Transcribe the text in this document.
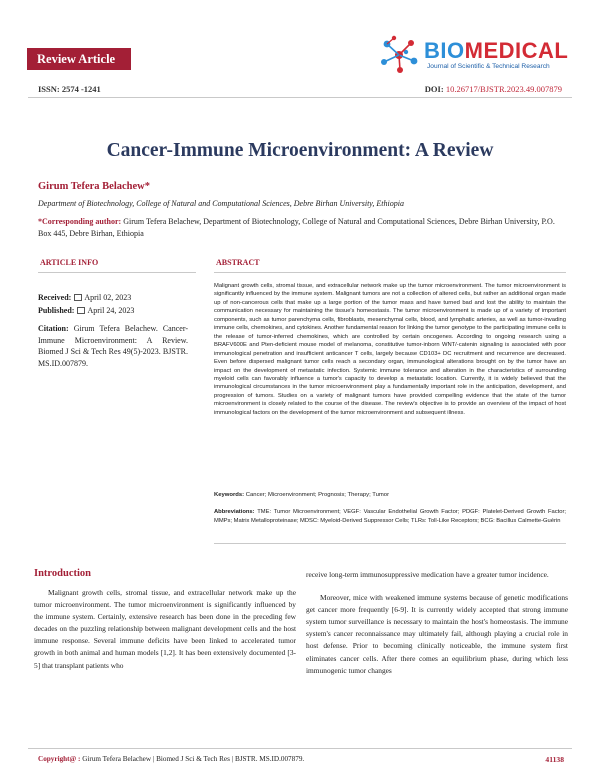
Review Article	BIOMEDICAL
Journal of Scientific & Technical Research
ISSN: 2574 -1241	DOI: 10.26717/BJSTR.2023.49.007879
Cancer-Immune Microenvironment: A Review
Girum Tefera Belachew*
Department of Biotechnology, College of Natural and Computational Sciences, Debre Birhan University, Ethiopia
*Corresponding author: Girum Tefera Belachew, Department of Biotechnology, College of Natural and Computational Sciences, Debre Birhan University, P.O. Box 445, Debre Birhan, Ethiopia
ARTICLE INFO	ABSTRACT
Received: April 02, 2023
Published: April 24, 2023
Citation: Girum Tefera Belachew. Cancer-Immune Microenvironment: A Review. Biomed J Sci & Tech Res 49(5)-2023. BJSTR. MS.ID.007879.
Malignant growth cells, stromal tissue, and extracellular network make up the tumor microenvironment. The tumor microenvironment is significantly influenced by the immune system. Malignant tumors are not a collection of altered cells, but rather an additional organ made up of non-cancerous cells that make up a large portion of the tumor mass and have turned bad and lost the ability to maintain the communication necessary for maintaining the tissue's homeostasis. The tumor microenvironment is made up of a variety of important components, such as tumor parenchyma cells, fibroblasts, mesenchymal cells, blood, and lymphatic arteries, as well as tumor-invading immune cells, chemokines, and cytokines. Another fundamental reason for linking the tumor genotype to the participating immune cells is the release of tumor-inferred chemokines, which are controlled by certain oncogenes. According to ongoing research using a BRAFV600E and Pten-deficient mouse model of melanoma, constitutive tumor-inborn WNT/-catenin signaling is associated with poor immunological penetration and insufficient anticancer T cells, largely because CD103+ DC recruitment and recurrence are decreased. Even before dispersed malignant tumor cells reach a secondary organ, immunological alterations brought on by the tumor have an impact on the development of metastatic infection. Systemic immune tolerance and alteration in the characteristics of surrounding myeloid cells can favorably influence a tumor's capacity to develop a metastatic location. Currently, it is widely believed that the immunological circumstances in the tumor microenvironment play a fundamentally important role in the anticipation, development, and progression of tumors. Studies on a variety of malignant tumors have provided compelling evidence that the state of the tumor microenvironment is closely related to the course of the disease. The review's objective is to provide an overview of the impact of host immunological factors on the development of the tumor microenvironment and subsequent illness.
Keywords: Cancer; Microenvironment; Prognosis; Therapy; Tumor
Abbreviations: TME: Tumor Microenvironment; VEGF: Vascular Endothelial Growth Factor; PDGF: Platelet-Derived Growth Factor; MMPs; Matrix Metalloproteinase; MDSC: Myeloid-Derived Suppressor Cells; TLRs: Toll-Like Receptors; BCG: Bacillus Calmette-Guérin
Introduction

Malignant growth cells, stromal tissue, and extracellular network make up the tumor microenvironment. The tumor microenvironment is significantly influenced by the immune system. Certainly, extensive research has been done in the preceding few decades on the puzzling relationship between malignant development cells and the host immune response. Several immune deficits have been linked to accelerated tumor growth in both animal and human models [1,2]. It has been extensively documented [3-5] that transplant patients who

receive long-term immunosuppressive medication have a greater tumor incidence.

Moreover, mice with weakened immune systems because of genetic modifications get cancer more frequently [6-9]. It is currently widely accepted that strong immune system tumor surveillance is necessary to maintain the host's homeostasis. The immune system's cancer reconnaissance may ultimately fail, although playing a crucial role in host defense. Prior to becoming clinically noticeable, the immune system first eliminates cancer cells. After there comes an equilibrium phase, during which less immunogenic tumor changes

Copyright@ : Girum Tefera Belachew | Biomed J Sci & Tech Res | BJSTR. MS.ID.007879.	41138
